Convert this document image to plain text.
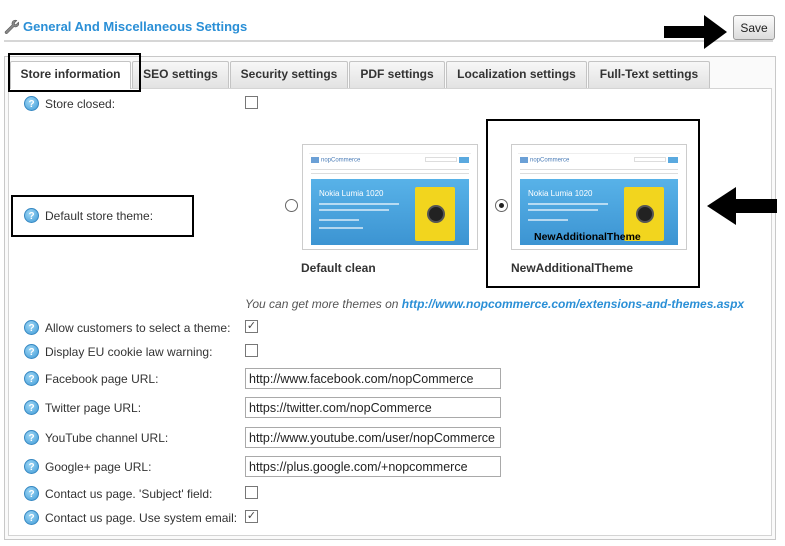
General And Miscellaneous Settings	Save
Store information	SEO settings	Security settings	PDF settings	Localization settings	Full-Text settings
? Store closed:
? Default store theme:
nopCommerce
Nokia Lumia 1020
Default clean
nopCommerce
Nokia Lumia 1020
NewAdditionalTheme
NewAdditionalTheme
You can get more themes on http://www.nopcommerce.com/extensions-and-themes.aspx
? Allow customers to select a theme: ✓
? Display EU cookie law warning:
? Facebook page URL:
http://www.facebook.com/nopCommerce
? Twitter page URL:
https://twitter.com/nopCommerce
? YouTube channel URL:
http://www.youtube.com/user/nopCommerce
? Google+ page URL:
https://plus.google.com/+nopcommerce
? Contact us page. 'Subject' field:
? Contact us page. Use system email: ✓
